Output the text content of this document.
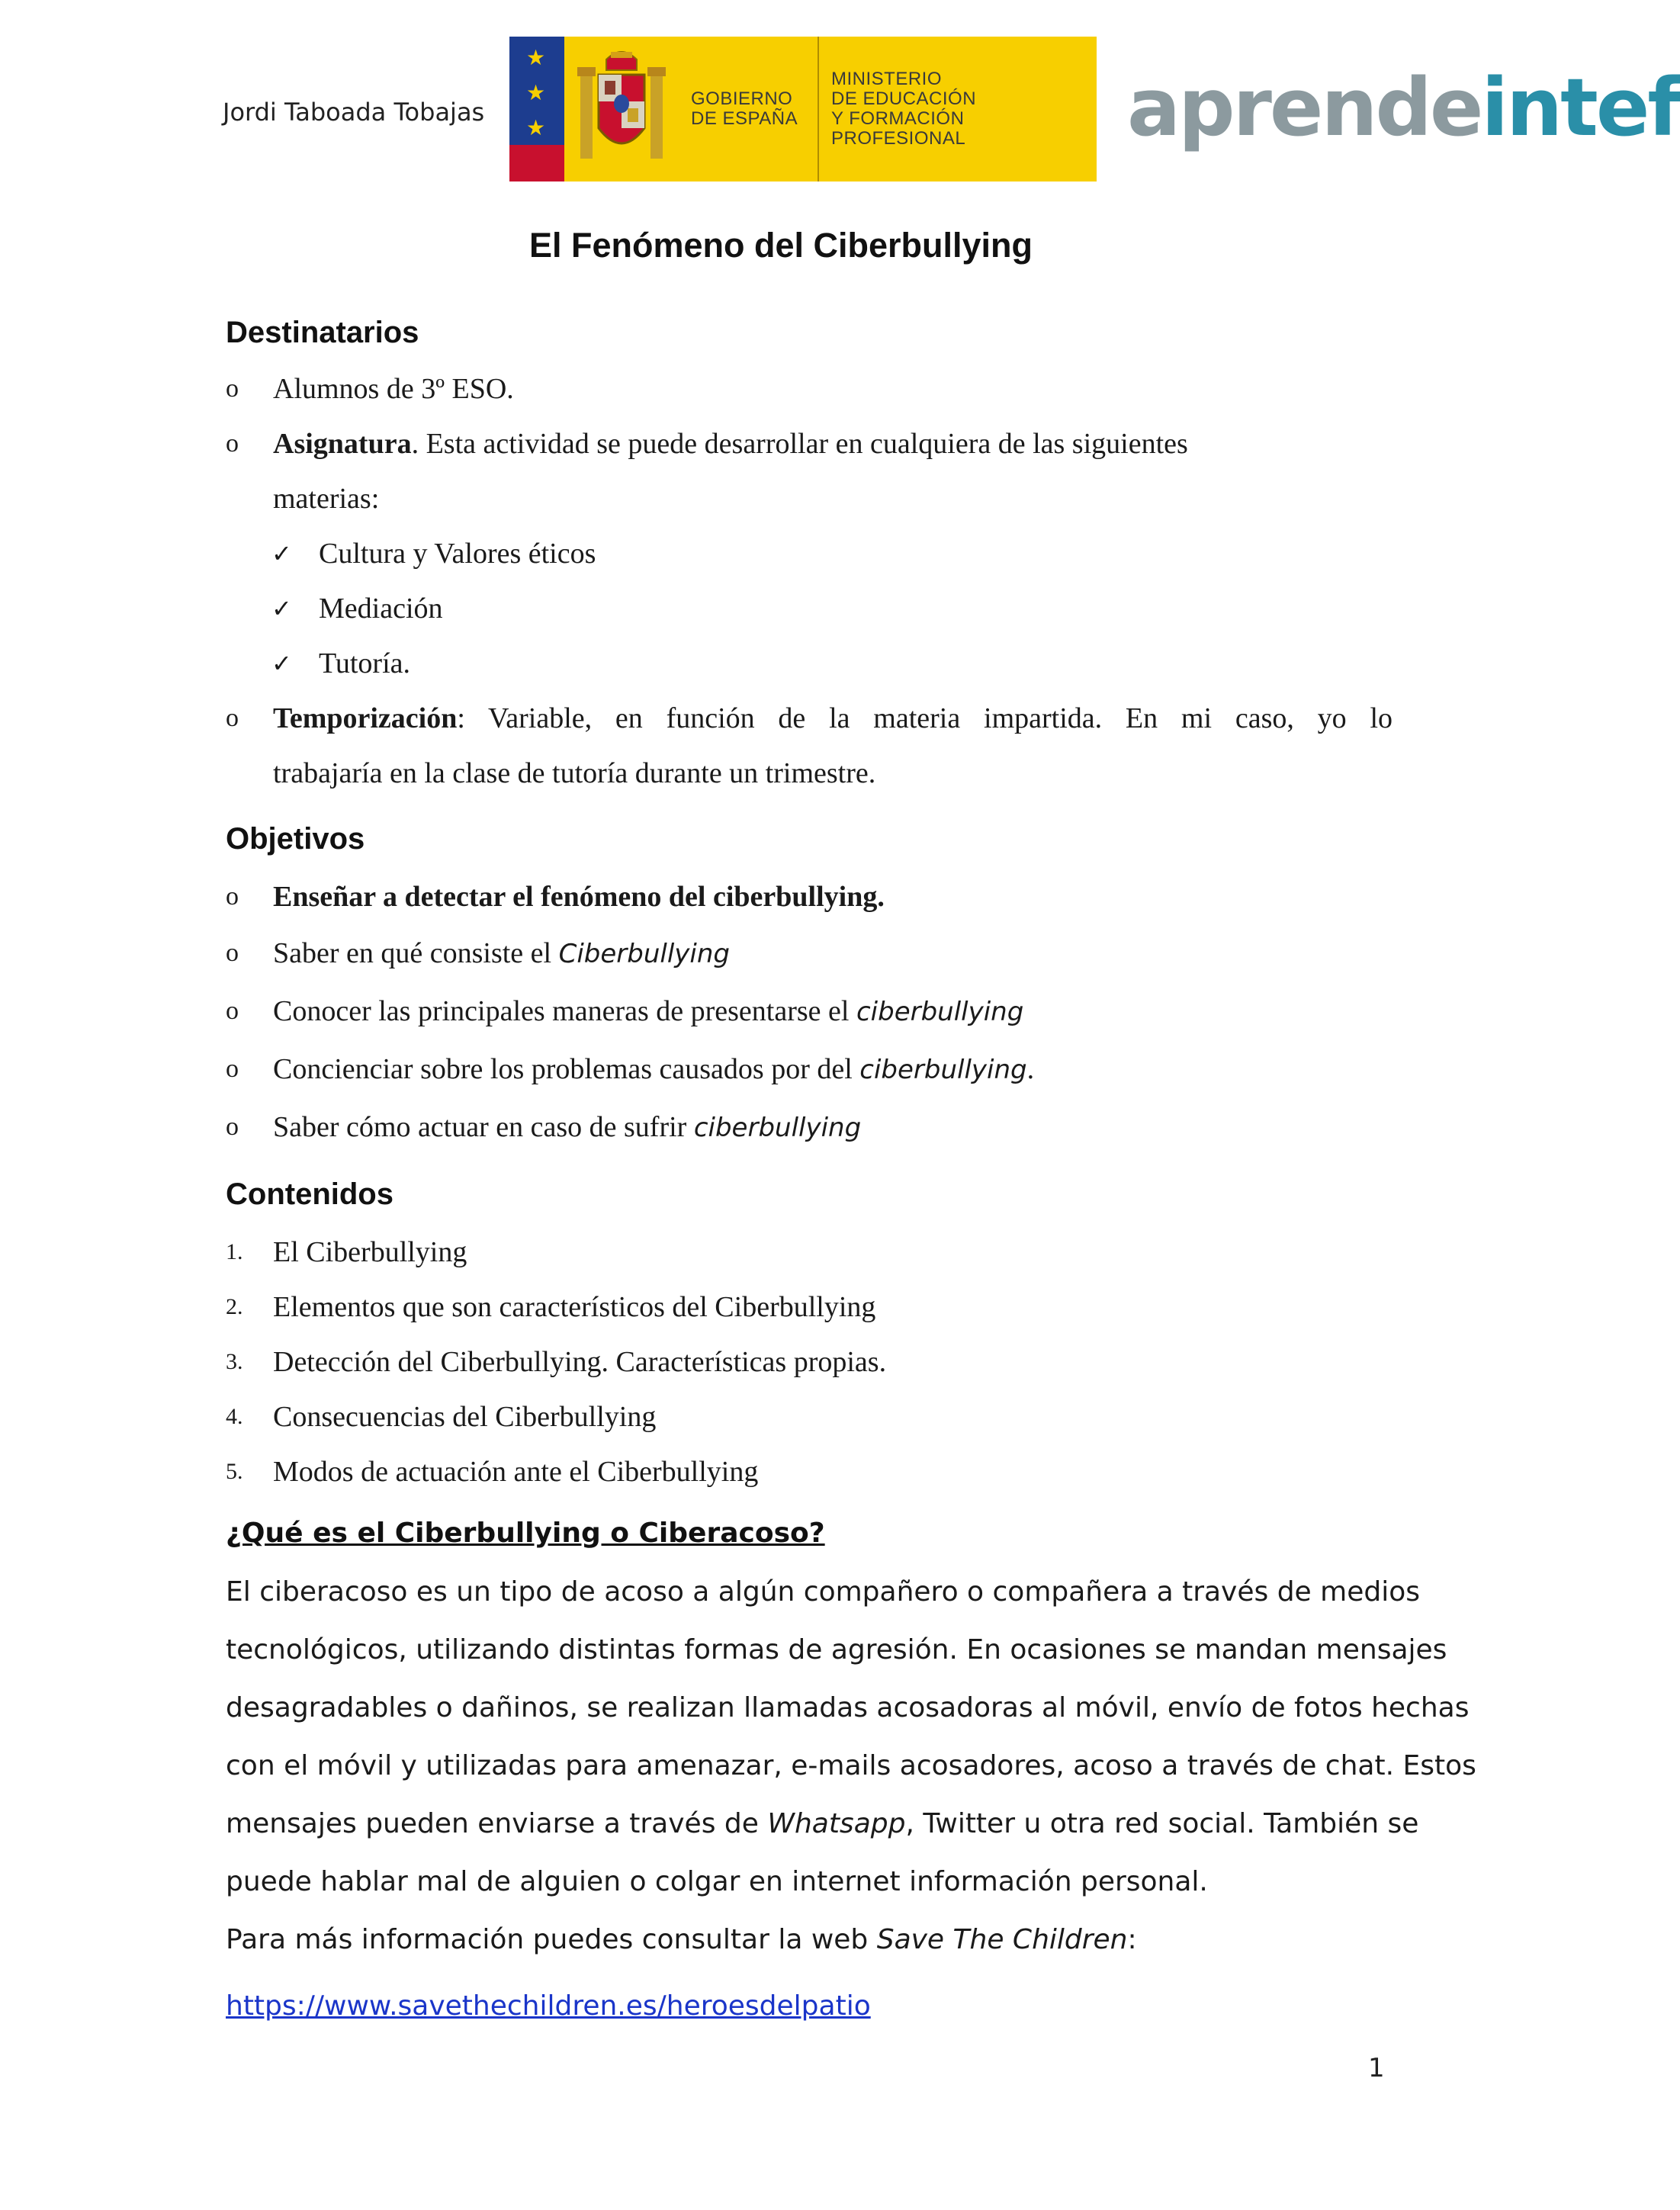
Jordi Taboada Tobajas
★
★
★
GOBIERNO
DE ESPAÑA
MINISTERIO
DE EDUCACIÓN
Y FORMACIÓN PROFESIONAL	aprendeintef
El Fenómeno del Ciberbullying
Destinatarios
o Alumnos de 3º ESO.
o Asignatura. Esta actividad se puede desarrollar en cualquiera de las siguientes
materias:
✓ Cultura y Valores éticos
✓ Mediación
✓ Tutoría.
o Temporización: Variable, en función de la materia impartida. En mi caso, yo lo
trabajaría en la clase de tutoría durante un trimestre.
Objetivos
o Enseñar a detectar el fenómeno del ciberbullying.
o Saber en qué consiste el Ciberbullying
o Conocer las principales maneras de presentarse el ciberbullying
o Concienciar sobre los problemas causados por del ciberbullying.
o Saber cómo actuar en caso de sufrir ciberbullying
Contenidos
1. El Ciberbullying
2. Elementos que son característicos del Ciberbullying
3. Detección del Ciberbullying. Características propias.
4. Consecuencias del Ciberbullying
5. Modos de actuación ante el Ciberbullying
¿Qué es el Ciberbullying o Ciberacoso?
El ciberacoso es un tipo de acoso a algún compañero o compañera a través de medios
tecnológicos, utilizando distintas formas de agresión. En ocasiones se mandan mensajes
desagradables o dañinos, se realizan llamadas acosadoras al móvil, envío de fotos hechas
con el móvil y utilizadas para amenazar, e-mails acosadores, acoso a través de chat. Estos
mensajes pueden enviarse a través de Whatsapp, Twitter u otra red social. También se
puede hablar mal de alguien o colgar en internet información personal.
Para más información puedes consultar la web Save The Children:
https://www.savethechildren.es/heroesdelpatio
1
